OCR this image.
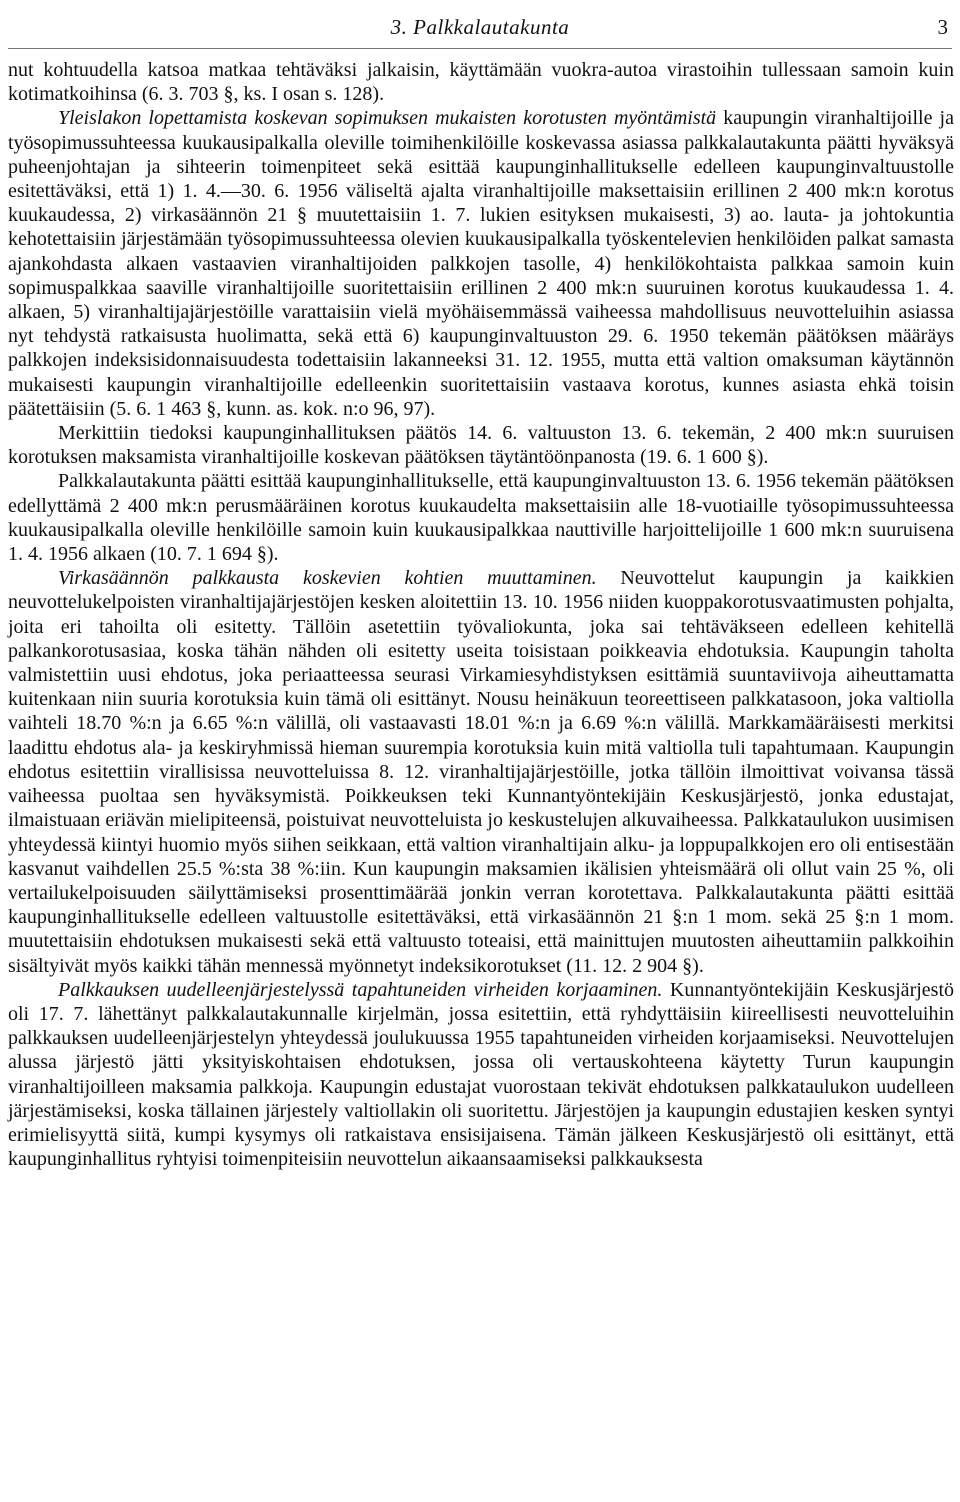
3. Palkkalautakunta	3

nut kohtuudella katsoa matkaa tehtäväksi jalkaisin, käyttämään vuokra-autoa virastoihin tullessaan samoin kuin kotimatkoihinsa (6. 3. 703 §, ks. I osan s. 128).

Yleislakon lopettamista koskevan sopimuksen mukaisten korotusten myöntämistä kaupungin viranhaltijoille ja työsopimussuhteessa kuukausipalkalla oleville toimihenkilöille koskevassa asiassa palkkalautakunta päätti hyväksyä puheenjohtajan ja sihteerin toimenpiteet sekä esittää kaupunginhallitukselle edelleen kaupunginvaltuustolle esitettäväksi, että 1) 1. 4.—30. 6. 1956 väliseltä ajalta viranhaltijoille maksettaisiin erillinen 2 400 mk:n korotus kuukaudessa, 2) virkasäännön 21 § muutettaisiin 1. 7. lukien esityksen mukaisesti, 3) ao. lauta- ja johtokuntia kehotettaisiin järjestämään työsopimussuhteessa olevien kuukausipalkalla työskentelevien henkilöiden palkat samasta ajankohdasta alkaen vastaavien viranhaltijoiden palkkojen tasolle, 4) henkilökohtaista palkkaa samoin kuin sopimuspalkkaa saaville viranhaltijoille suoritettaisiin erillinen 2 400 mk:n suuruinen korotus kuukaudessa 1. 4. alkaen, 5) viranhaltijajärjestöille varattaisiin vielä myöhäisemmässä vaiheessa mahdollisuus neuvotteluihin asiassa nyt tehdystä ratkaisusta huolimatta, sekä että 6) kaupunginvaltuuston 29. 6. 1950 tekemän päätöksen määräys palkkojen indeksisidonnaisuudesta todettaisiin lakanneeksi 31. 12. 1955, mutta että valtion omaksuman käytännön mukaisesti kaupungin viranhaltijoille edelleenkin suoritettaisiin vastaava korotus, kunnes asiasta ehkä toisin päätettäisiin (5. 6. 1 463 §, kunn. as. kok. n:o 96, 97).

Merkittiin tiedoksi kaupunginhallituksen päätös 14. 6. valtuuston 13. 6. tekemän, 2 400 mk:n suuruisen korotuksen maksamista viranhaltijoille koskevan päätöksen täytäntöönpanosta (19. 6. 1 600 §).

Palkkalautakunta päätti esittää kaupunginhallitukselle, että kaupunginvaltuuston 13. 6. 1956 tekemän päätöksen edellyttämä 2 400 mk:n perusmääräinen korotus kuukaudelta maksettaisiin alle 18-vuotiaille työsopimussuhteessa kuukausipalkalla oleville henkilöille samoin kuin kuukausipalkkaa nauttiville harjoittelijoille 1 600 mk:n suuruisena 1. 4. 1956 alkaen (10. 7. 1 694 §).

Virkasäännön palkkausta koskevien kohtien muuttaminen. Neuvottelut kaupungin ja kaikkien neuvottelukelpoisten viranhaltijajärjestöjen kesken aloitettiin 13. 10. 1956 niiden kuoppakorotusvaatimusten pohjalta, joita eri tahoilta oli esitetty. Tällöin asetettiin työvaliokunta, joka sai tehtäväkseen edelleen kehitellä palkankorotusasiaa, koska tähän nähden oli esitetty useita toisistaan poikkeavia ehdotuksia. Kaupungin taholta valmistettiin uusi ehdotus, joka periaatteessa seurasi Virkamiesyhdistyksen esittämiä suuntaviivoja aiheuttamatta kuitenkaan niin suuria korotuksia kuin tämä oli esittänyt. Nousu heinäkuun teoreettiseen palkkatasoon, joka valtiolla vaihteli 18.70 %:n ja 6.65 %:n välillä, oli vastaavasti 18.01 %:n ja 6.69 %:n välillä. Markkamääräisesti merkitsi laadittu ehdotus ala- ja keskiryhmissä hieman suurempia korotuksia kuin mitä valtiolla tuli tapahtumaan. Kaupungin ehdotus esitettiin virallisissa neuvotteluissa 8. 12. viranhaltijajärjestöille, jotka tällöin ilmoittivat voivansa tässä vaiheessa puoltaa sen hyväksymistä. Poikkeuksen teki Kunnantyöntekijäin Keskusjärjestö, jonka edustajat, ilmaistuaan eriävän mielipiteensä, poistuivat neuvotteluista jo keskustelujen alkuvaiheessa. Palkkataulukon uusimisen yhteydessä kiintyi huomio myös siihen seikkaan, että valtion viranhaltijain alku- ja loppupalkkojen ero oli entisestään kasvanut vaihdellen 25.5 %:sta 38 %:iin. Kun kaupungin maksamien ikälisien yhteismäärä oli ollut vain 25 %, oli vertailukelpoisuuden säilyttämiseksi prosenttimäärää jonkin verran korotettava. Palkkalautakunta päätti esittää kaupunginhallitukselle edelleen valtuustolle esitettäväksi, että virkasäännön 21 §:n 1 mom. sekä 25 §:n 1 mom. muutettaisiin ehdotuksen mukaisesti sekä että valtuusto toteaisi, että mainittujen muutosten aiheuttamiin palkkoihin sisältyivät myös kaikki tähän mennessä myönnetyt indeksikorotukset (11. 12. 2 904 §).

Palkkauksen uudelleenjärjestelyssä tapahtuneiden virheiden korjaaminen. Kunnantyöntekijäin Keskusjärjestö oli 17. 7. lähettänyt palkkalautakunnalle kirjelmän, jossa esitettiin, että ryhdyttäisiin kiireellisesti neuvotteluihin palkkauksen uudelleenjärjestelyn yhteydessä joulukuussa 1955 tapahtuneiden virheiden korjaamiseksi. Neuvottelujen alussa järjestö jätti yksityiskohtaisen ehdotuksen, jossa oli vertauskohteena käytetty Turun kaupungin viranhaltijoilleen maksamia palkkoja. Kaupungin edustajat vuorostaan tekivät ehdotuksen palkkataulukon uudelleen järjestämiseksi, koska tällainen järjestely valtiollakin oli suoritettu. Järjestöjen ja kaupungin edustajien kesken syntyi erimielisyyttä siitä, kumpi kysymys oli ratkaistava ensisijaisena. Tämän jälkeen Keskusjärjestö oli esittänyt, että kaupunginhallitus ryhtyisi toimenpiteisiin neuvottelun aikaansaamiseksi palkkauksesta
